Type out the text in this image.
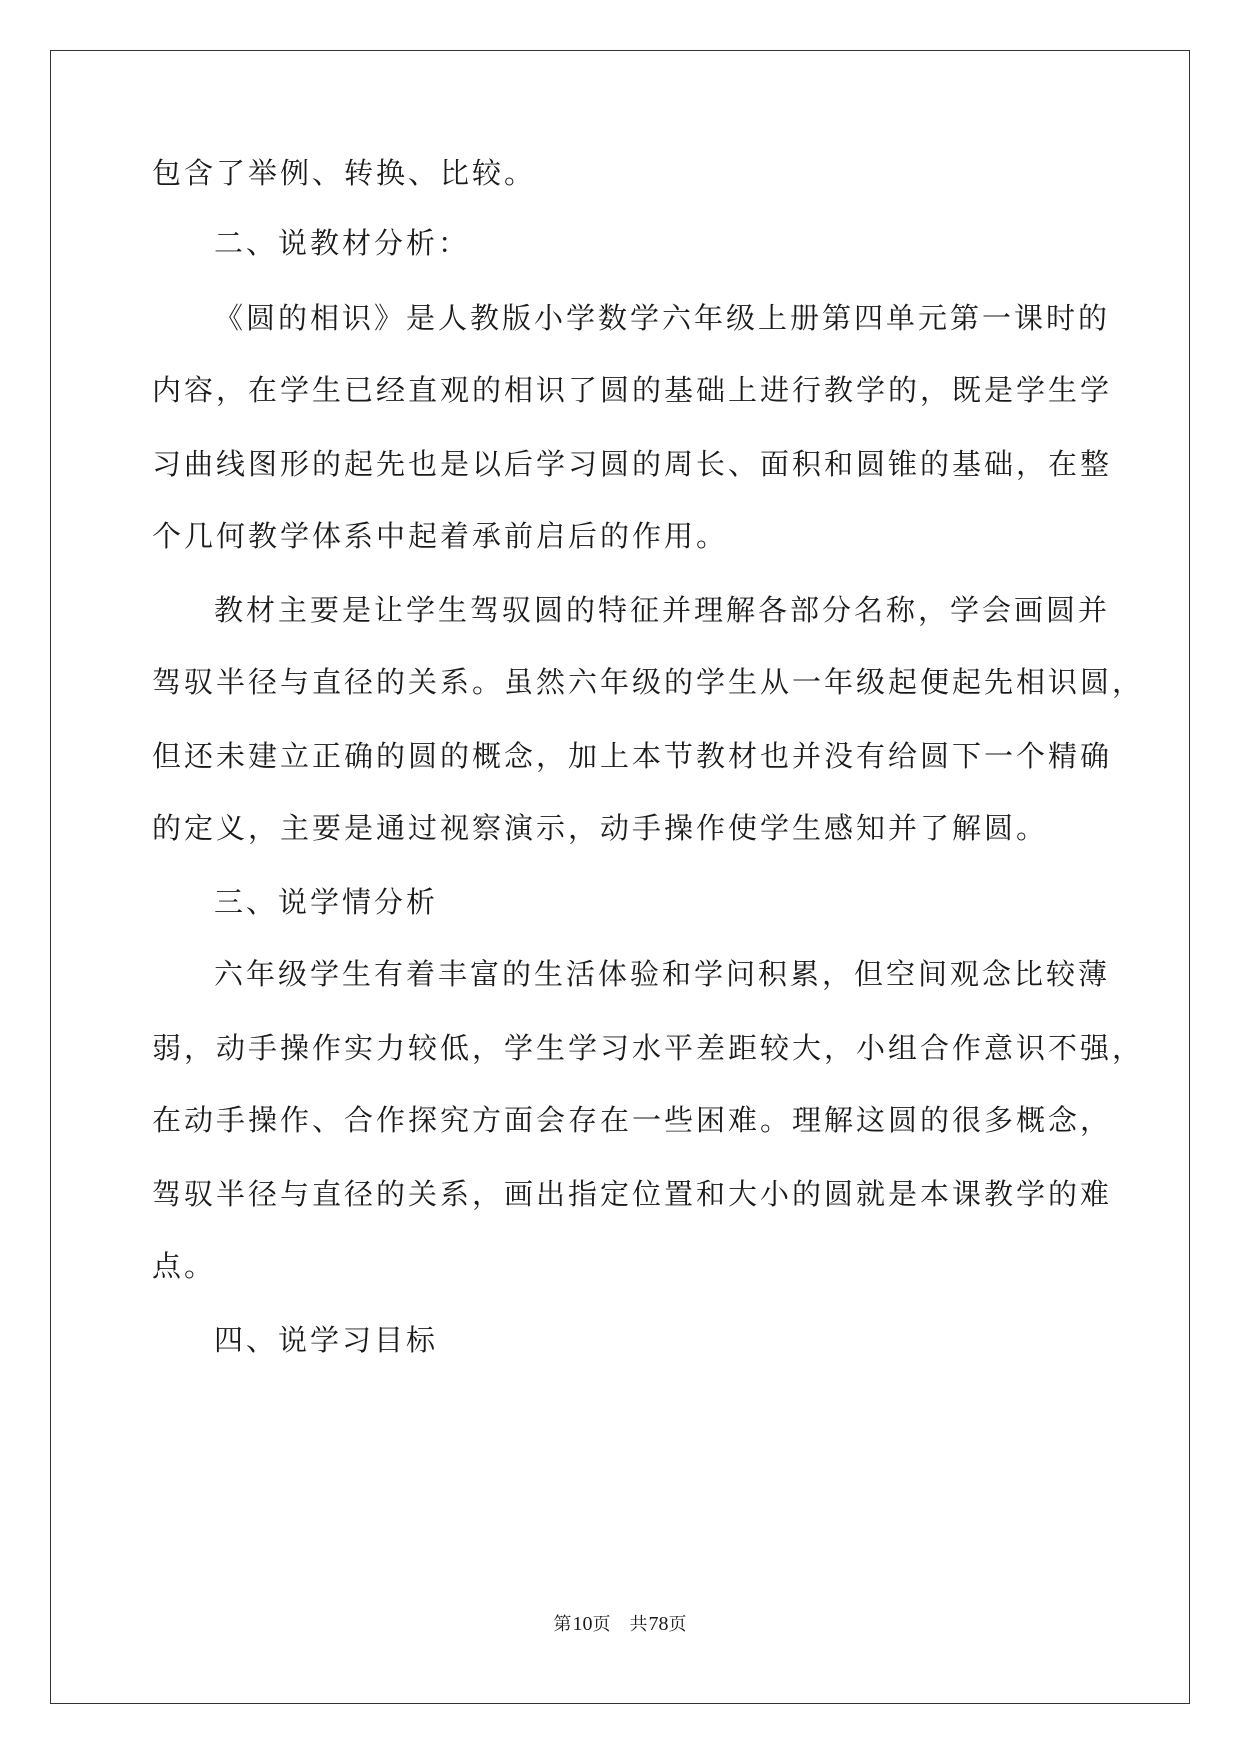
包含了举例、转换、比较。

二、说教材分析：

《圆的相识》是人教版小学数学六年级上册第四单元第一课时的

内容，在学生已经直观的相识了圆的基础上进行教学的，既是学生学

习曲线图形的起先也是以后学习圆的周长、面积和圆锥的基础，在整

个几何教学体系中起着承前启后的作用。

教材主要是让学生驾驭圆的特征并理解各部分名称，学会画圆并

驾驭半径与直径的关系。虽然六年级的学生从一年级起便起先相识圆，

但还未建立正确的圆的概念，加上本节教材也并没有给圆下一个精确

的定义，主要是通过视察演示，动手操作使学生感知并了解圆。

三、说学情分析

六年级学生有着丰富的生活体验和学问积累，但空间观念比较薄

弱，动手操作实力较低，学生学习水平差距较大，小组合作意识不强，

在动手操作、合作探究方面会存在一些困难。理解这圆的很多概念，

驾驭半径与直径的关系，画出指定位置和大小的圆就是本课教学的难

点。

四、说学习目标

第10页 共78页
